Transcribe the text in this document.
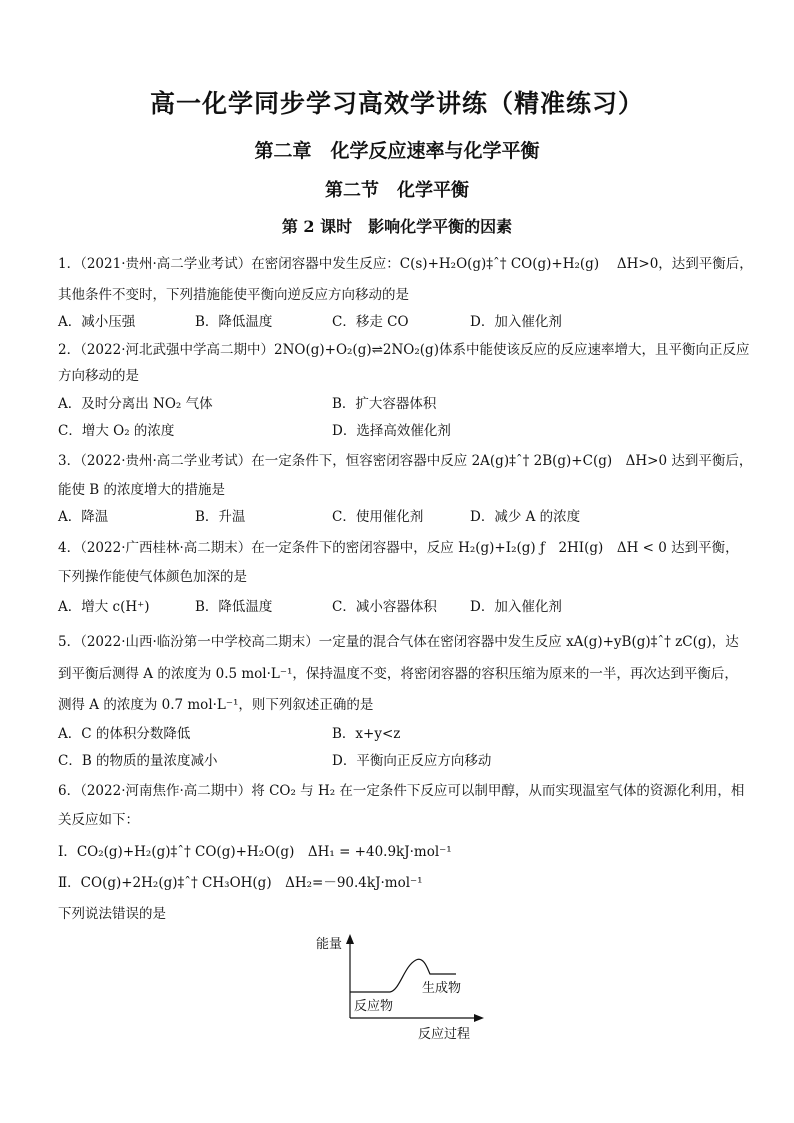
高一化学同步学习高效学讲练（精准练习）
第二章　化学反应速率与化学平衡
第二节　化学平衡
第 2 课时　影响化学平衡的因素
1．（2021·贵州·高二学业考试）在密闭容器中发生反应：C(s)+H₂O(g)‡ˆ† CO(g)+H₂(g)　 ΔH>0，达到平衡后，
其他条件不变时，下列措施能使平衡向逆反应方向移动的是
A．减小压强	B．降低温度	C．移走 CO	D．加入催化剂
2．（2022·河北武强中学高二期中）2NO(g)+O₂(g)⇌2NO₂(g)体系中能使该反应的反应速率增大，且平衡向正反应
方向移动的是
A．及时分离出 NO₂ 气体	B．扩大容器体积
C．增大 O₂ 的浓度	D．选择高效催化剂
3．（2022·贵州·高二学业考试）在一定条件下，恒容密闭容器中反应 2A(g)‡ˆ† 2B(g)+C(g)　ΔH>0 达到平衡后，
能使 B 的浓度增大的措施是
A．降温	B．升温	C．使用催化剂	D．减少 A 的浓度
4．（2022·广西桂林·高二期末）在一定条件下的密闭容器中，反应 H₂(g)+I₂(g) ƒ　2HI(g)　ΔH < 0 达到平衡，
下列操作能使气体颜色加深的是
A．增大 c(H⁺)	B．降低温度	C．减小容器体积 D．加入催化剂
5．（2022·山西·临汾第一中学校高二期末）一定量的混合气体在密闭容器中发生反应 xA(g)+yB(g)‡ˆ† zC(g)，达
到平衡后测得 A 的浓度为 0.5 mol·L⁻¹，保持温度不变，将密闭容器的容积压缩为原来的一半，再次达到平衡后，
测得 A 的浓度为 0.7 mol·L⁻¹，则下列叙述正确的是
A．C 的体积分数降低	B．x+y<z
C．B 的物质的量浓度减小	D．平衡向正反应方向移动
6．（2022·河南焦作·高二期中）将 CO₂ 与 H₂ 在一定条件下反应可以制甲醇，从而实现温室气体的资源化利用，相
关反应如下：
Ⅰ．CO₂(g)+H₂(g)‡ˆ† CO(g)+H₂O(g)　ΔH₁ = +40.9kJ·mol⁻¹
Ⅱ．CO(g)+2H₂(g)‡ˆ† CH₃OH(g)　ΔH₂=－90.4kJ·mol⁻¹
下列说法错误的是
能量
反应物
生成物
反应过程
